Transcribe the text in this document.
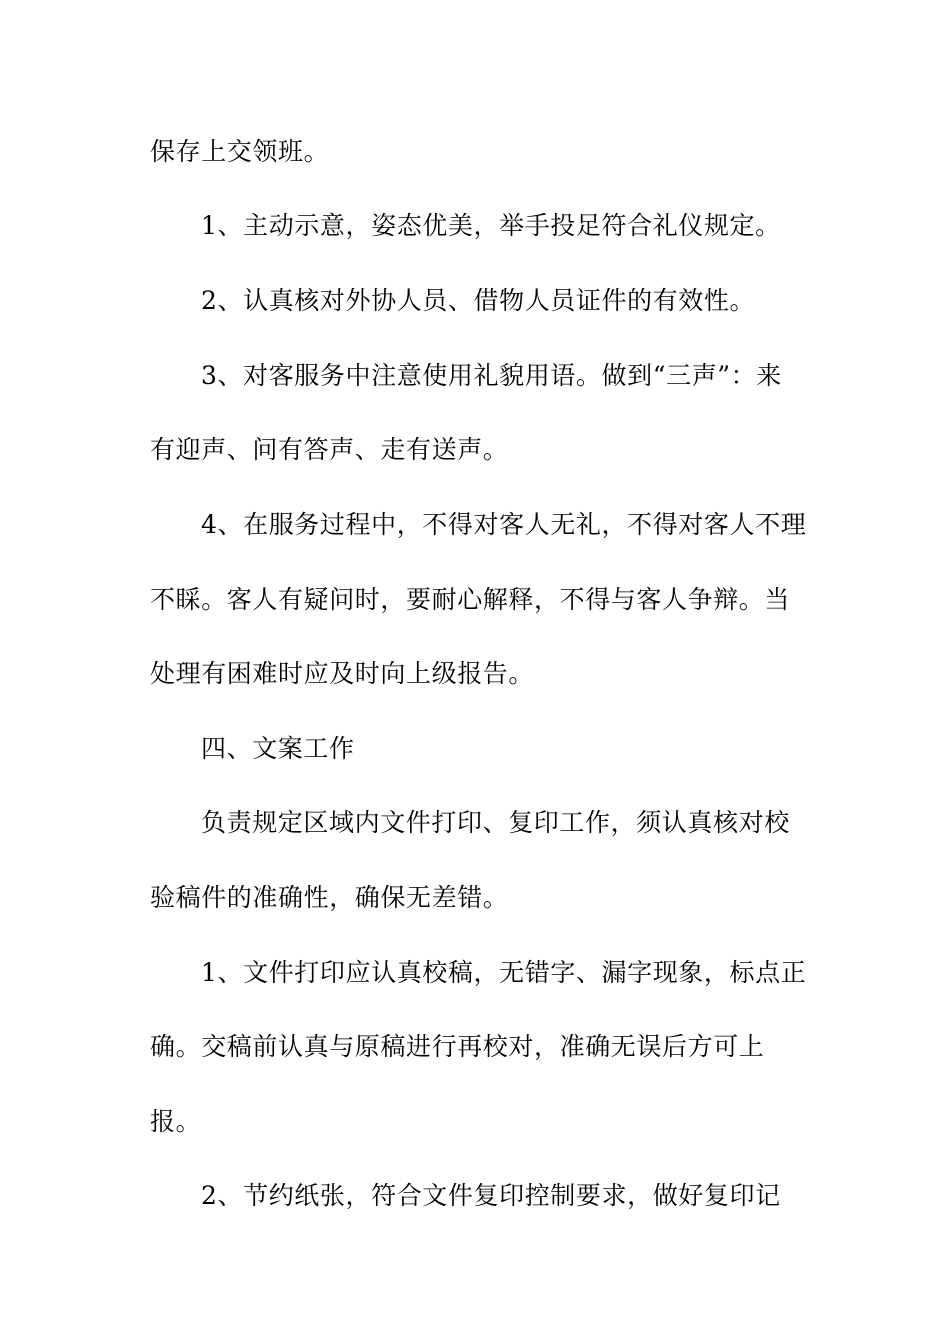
保存上交领班。
1、主动示意，姿态优美，举手投足符合礼仪规定。
2、认真核对外协人员、借物人员证件的有效性。
3、对客服务中注意使用礼貌用语。做到“三声”：来
有迎声、问有答声、走有送声。
4、在服务过程中，不得对客人无礼，不得对客人不理
不睬。客人有疑问时，要耐心解释，不得与客人争辩。当
处理有困难时应及时向上级报告。
四、文案工作
负责规定区域内文件打印、复印工作，须认真核对校
验稿件的准确性，确保无差错。
1、文件打印应认真校稿，无错字、漏字现象，标点正
确。交稿前认真与原稿进行再校对，准确无误后方可上
报。
2、节约纸张，符合文件复印控制要求，做好复印记
